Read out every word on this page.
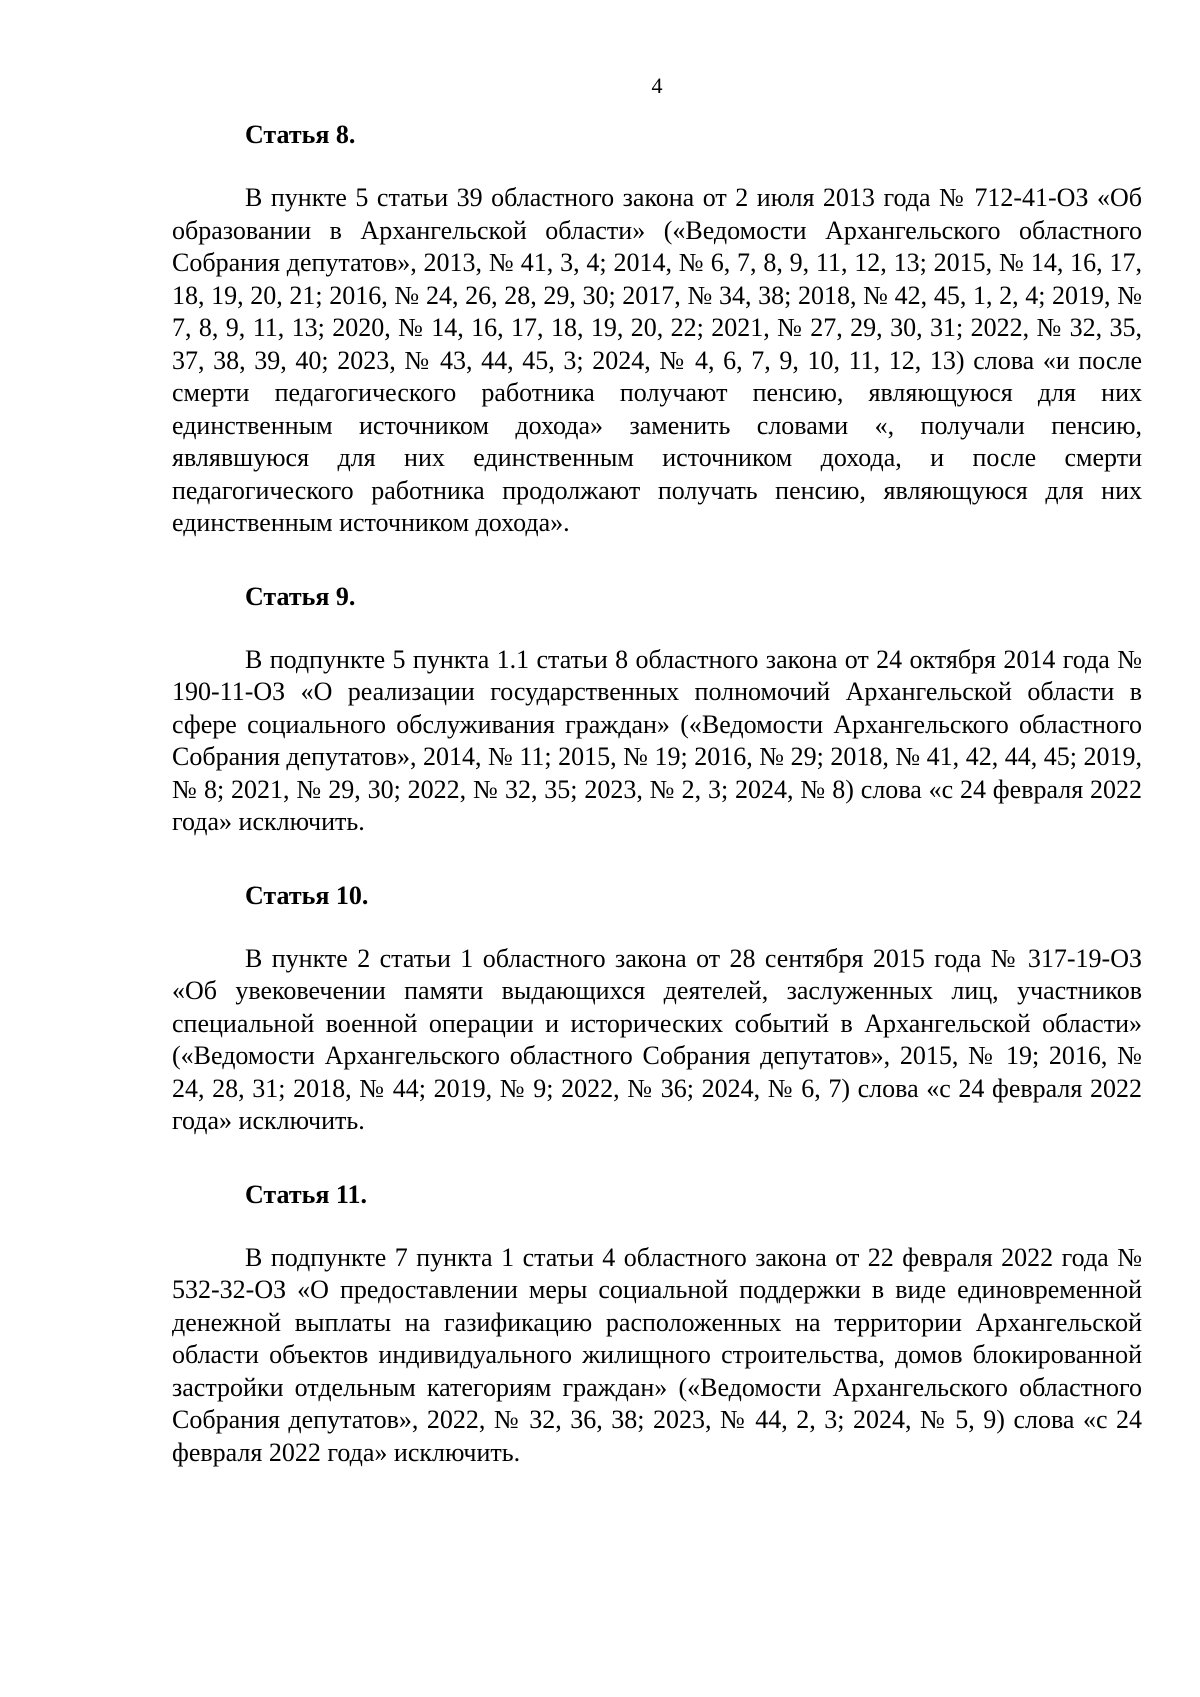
4
Статья 8.

В пункте 5 статьи 39 областного закона от 2 июля 2013 года № 712-41-ОЗ «Об образовании в Архангельской области» («Ведомости Архангельского областного Собрания депутатов», 2013, № 41, 3, 4; 2014, № 6, 7, 8, 9, 11, 12, 13; 2015, № 14, 16, 17, 18, 19, 20, 21; 2016, № 24, 26, 28, 29, 30; 2017, № 34, 38; 2018, № 42, 45, 1, 2, 4; 2019, № 7, 8, 9, 11, 13; 2020, № 14, 16, 17, 18, 19, 20, 22; 2021, № 27, 29, 30, 31; 2022, № 32, 35, 37, 38, 39, 40; 2023, № 43, 44, 45, 3; 2024, № 4, 6, 7, 9, 10, 11, 12, 13) слова «и после смерти педагогического работника получают пенсию, являющуюся для них единственным источником дохода» заменить словами «, получали пенсию, являвшуюся для них единственным источником дохода, и после смерти педагогического работника продолжают получать пенсию, являющуюся для них единственным источником дохода».

Статья 9.

В подпункте 5 пункта 1.1 статьи 8 областного закона от 24 октября 2014 года № 190-11-ОЗ «О реализации государственных полномочий Архангельской области в сфере социального обслуживания граждан» («Ведомости Архангельского областного Собрания депутатов», 2014, № 11; 2015, № 19; 2016, № 29; 2018, № 41, 42, 44, 45; 2019, № 8; 2021, № 29, 30; 2022, № 32, 35; 2023, № 2, 3; 2024, № 8) слова «с 24 февраля 2022 года» исключить.

Статья 10.

В пункте 2 статьи 1 областного закона от 28 сентября 2015 года № 317-19-ОЗ «Об увековечении памяти выдающихся деятелей, заслуженных лиц, участников специальной военной операции и исторических событий в Архангельской области» («Ведомости Архангельского областного Собрания депутатов», 2015, № 19; 2016, № 24, 28, 31; 2018, № 44; 2019, № 9; 2022, № 36; 2024, № 6, 7) слова «с 24 февраля 2022 года» исключить.

Статья 11.

В подпункте 7 пункта 1 статьи 4 областного закона от 22 февраля 2022 года № 532-32-ОЗ «О предоставлении меры социальной поддержки в виде единовременной денежной выплаты на газификацию расположенных на территории Архангельской области объектов индивидуального жилищного строительства, домов блокированной застройки отдельным категориям граждан» («Ведомости Архангельского областного Собрания депутатов», 2022, № 32, 36, 38; 2023, № 44, 2, 3; 2024, № 5, 9) слова «с 24 февраля 2022 года» исключить.
